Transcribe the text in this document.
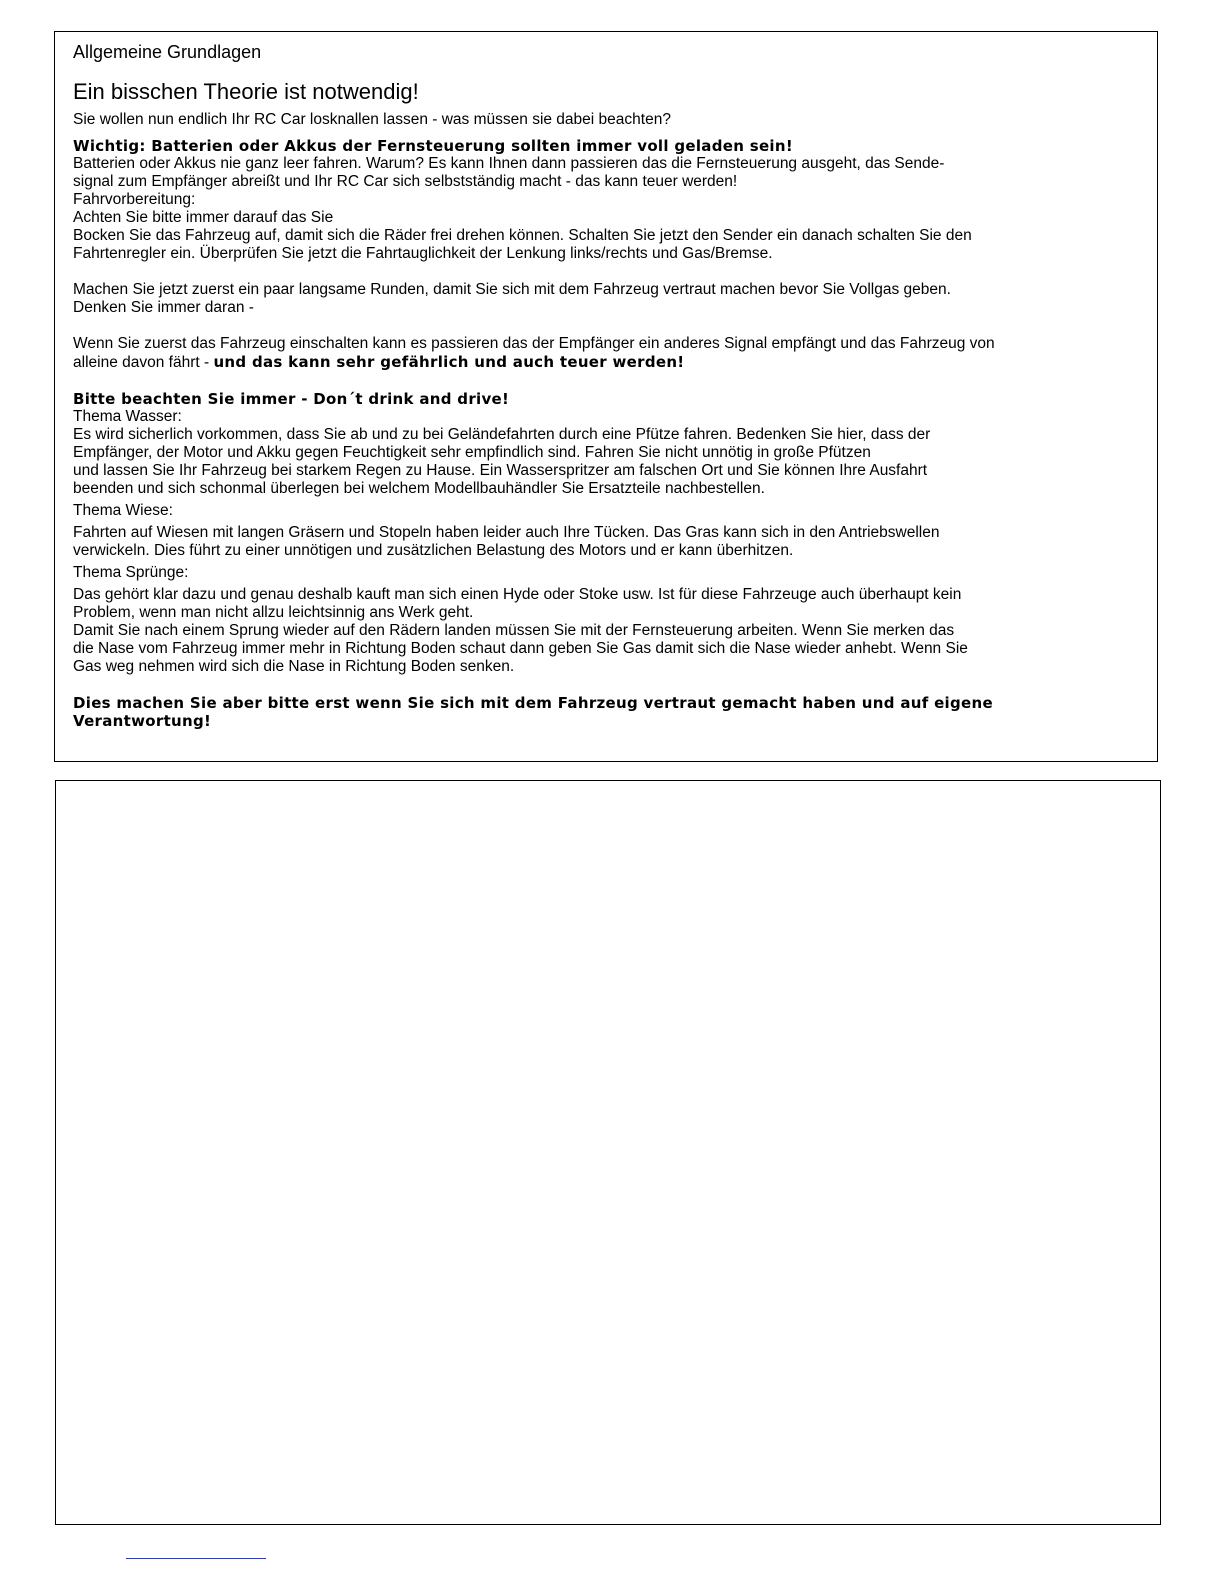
Allgemeine Grundlagen

Ein bisschen Theorie ist notwendig!

Sie wollen nun endlich Ihr RC Car losknallen lassen - was müssen sie dabei beachten?

Wichtig: Batterien oder Akkus der Fernsteuerung sollten immer voll geladen sein!

Batterien oder Akkus nie ganz leer fahren. Warum? Es kann Ihnen dann passieren das die Fernsteuerung ausgeht, das Sende-

signal zum Empfänger abreißt und Ihr RC Car sich selbstständig macht - das kann teuer werden!

Fahrvorbereitung:

Achten Sie bitte immer darauf das Sie

Bocken Sie das Fahrzeug auf, damit sich die Räder frei drehen können. Schalten Sie jetzt den Sender ein danach schalten Sie den

Fahrtenregler ein. Überprüfen Sie jetzt die Fahrtauglichkeit der Lenkung links/rechts und Gas/Bremse.

Machen Sie jetzt zuerst ein paar langsame Runden, damit Sie sich mit dem Fahrzeug vertraut machen bevor Sie Vollgas geben.

Denken Sie immer daran -

Wenn Sie zuerst das Fahrzeug einschalten kann es passieren das der Empfänger ein anderes Signal empfängt und das Fahrzeug von

alleine davon fährt - und das kann sehr gefährlich und auch teuer werden!

Bitte beachten Sie immer - Don´t drink and drive!

Thema Wasser:

Es wird sicherlich vorkommen, dass Sie ab und zu bei Geländefahrten durch eine Pfütze fahren. Bedenken Sie hier, dass der

Empfänger, der Motor und Akku gegen Feuchtigkeit sehr empfindlich sind. Fahren Sie nicht unnötig in große Pfützen

und lassen Sie Ihr Fahrzeug bei starkem Regen zu Hause. Ein Wasserspritzer am falschen Ort und Sie können Ihre Ausfahrt

beenden und sich schonmal überlegen bei welchem Modellbauhändler Sie Ersatzteile nachbestellen.

Thema Wiese:

Fahrten auf Wiesen mit langen Gräsern und Stopeln haben leider auch Ihre Tücken. Das Gras kann sich in den Antriebswellen

verwickeln. Dies führt zu einer unnötigen und zusätzlichen Belastung des Motors und er kann überhitzen.

Thema Sprünge:

Das gehört klar dazu und genau deshalb kauft man sich einen Hyde oder Stoke usw. Ist für diese Fahrzeuge auch überhaupt kein

Problem, wenn man nicht allzu leichtsinnig ans Werk geht.

Damit Sie nach einem Sprung wieder auf den Rädern landen müssen Sie mit der Fernsteuerung arbeiten. Wenn Sie merken das

die Nase vom Fahrzeug immer mehr in Richtung Boden schaut dann geben Sie Gas damit sich die Nase wieder anhebt. Wenn Sie

Gas weg nehmen wird sich die Nase in Richtung Boden senken.

Dies machen Sie aber bitte erst wenn Sie sich mit dem Fahrzeug vertraut gemacht haben und auf eigene

Verantwortung!
